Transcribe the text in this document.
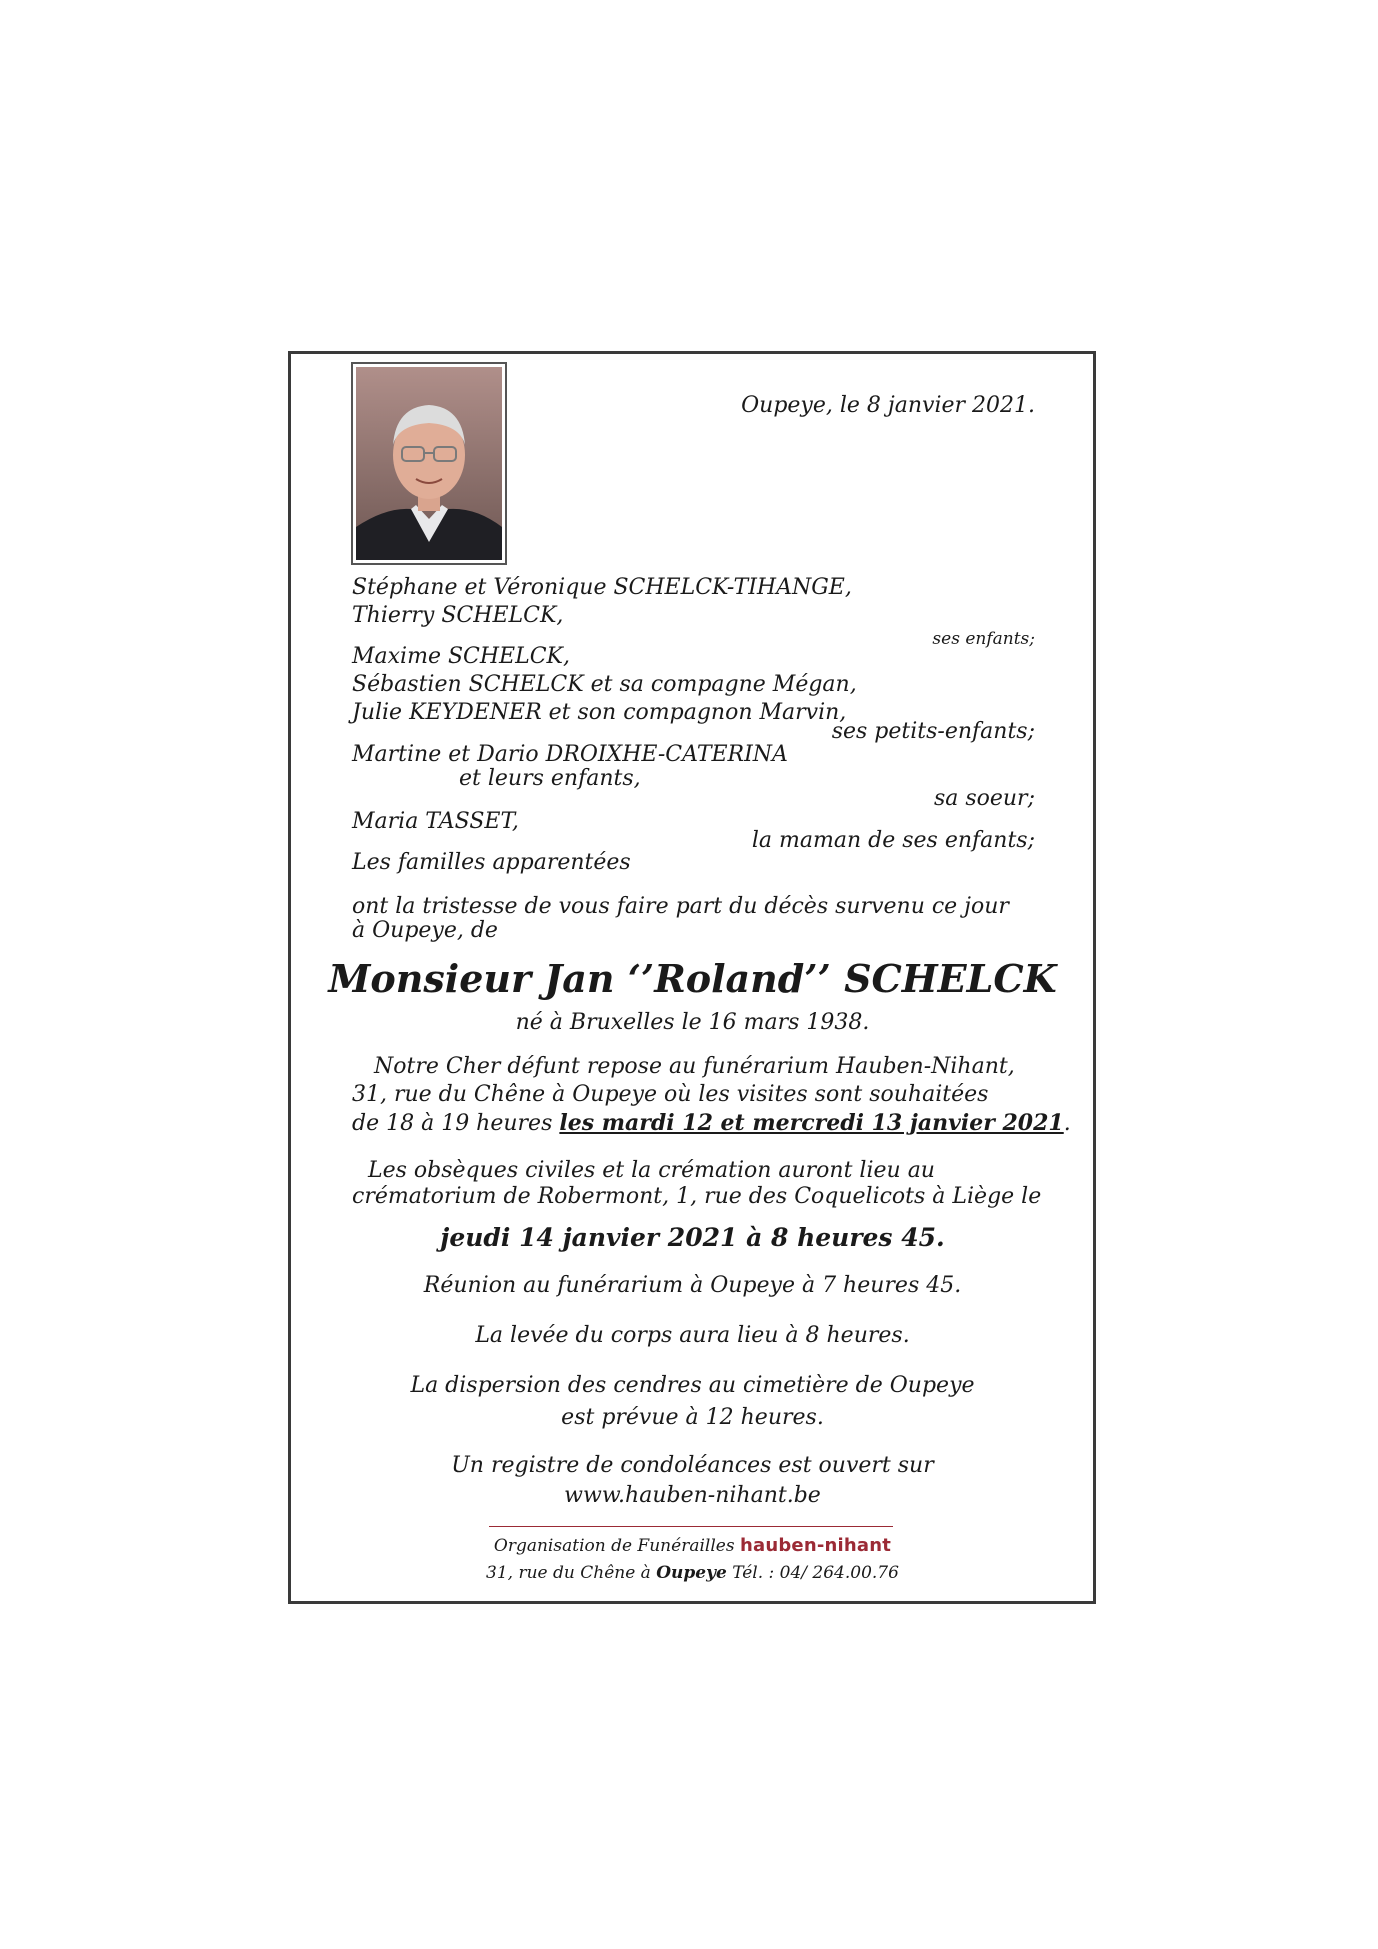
Oupeye, le 8 janvier 2021.
Stéphane et Véronique SCHELCK-TIHANGE,
Thierry SCHELCK,
ses enfants;
Maxime SCHELCK,
Sébastien SCHELCK et sa compagne Mégan,
Julie KEYDENER et son compagnon Marvin,
ses petits-enfants;
Martine et Dario DROIXHE-CATERINA
et leurs enfants,
sa soeur;
Maria TASSET,
la maman de ses enfants;
Les familles apparentées
ont la tristesse de vous faire part du décès survenu ce jour
à Oupeye, de
Monsieur Jan ‘’Roland’’ SCHELCK
né à Bruxelles le 16 mars 1938.
Notre Cher défunt repose au funérarium Hauben-Nihant,
31, rue du Chêne à Oupeye où les visites sont souhaitées
de 18 à 19 heures les mardi 12 et mercredi 13 janvier 2021.
Les obsèques civiles et la crémation auront lieu au
crématorium de Robermont, 1, rue des Coquelicots à Liège le
jeudi 14 janvier 2021 à 8 heures 45.
Réunion au funérarium à Oupeye à 7 heures 45.
La levée du corps aura lieu à 8 heures.
La dispersion des cendres au cimetière de Oupeye
est prévue à 12 heures.
Un registre de condoléances est ouvert sur
www.hauben-nihant.be
Organisation de Funérailles hauben-nihant
31, rue du Chêne à Oupeye Tél. : 04/ 264.00.76
